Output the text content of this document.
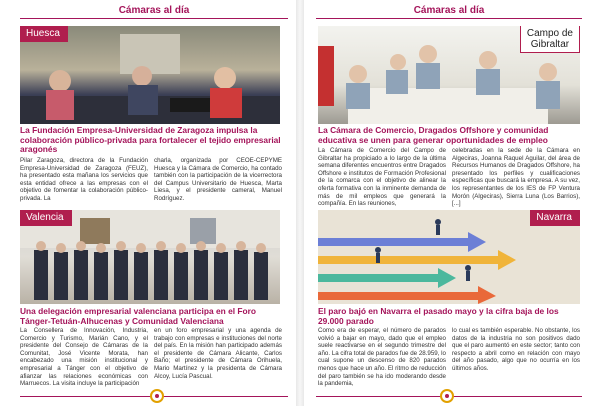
Cámaras al día	Cámaras al día
Huesca
La Fundación Empresa-Universidad de Zaragoza impulsa la colaboración público-privada para fortalecer el tejido empresarial aragonés
Pilar Zaragoza, directora de la Fundación Empresa-Universidad de Zaragoza (FEUZ), ha presentado esta mañana los servicios que esta entidad ofrece a las empresas con el objetivo de fomentar la colaboración público-privada. La
charla, organizada por CEOE-CEPYME Huesca y la Cámara de Comercio, ha contado también con la participación de la vicerrectora del Campus Universitario de Huesca, Marta Liesa, y el presidente cameral, Manuel Rodríguez.
Valencia
Una delegación empresarial valenciana participa en el Foro Tánger-Tetuán-Alhucenas y Comunidad Valenciana
La Consellera de Innovación, Industria, Comercio y Turismo, Marián Cano, y el presidente del Consejo de Cámaras de la Comunitat, José Vicente Morata, han encabezado una misión institucional y empresarial a Tánger con el objetivo de afianzar las relaciones económicas con Marruecos. La visita incluye la participación
en un foro empresarial y una agenda de trabajo con empresas e instituciones del norte del país. En la misión han participado además el presidente de Cámara Alicante, Carlos Baño; el presidente de Cámara Orihuela, Mario Martínez y la presidenta de Cámara Alcoy, Lucía Pascual.
Campo de
Gibraltar
La Cámara de Comercio, Dragados Offshore y comunidad educativa se unen para generar oportunidades de empleo
La Cámara de Comercio del Campo de Gibraltar ha propiciado a lo largo de la última semana diferentes encuentros entre Dragados Offshore e institutos de Formación Profesional de la comarca con el objetivo de alinear la oferta formativa con la inminente demanda de más de mil empleos que generará la compañía. En las reuniones,
celebradas en la sede de la Cámara en Algeciras, Joanna Raquel Aguilar, del área de Recursos Humanos de Dragados Offshore, ha presentado los perfiles y cualificaciones específicas que buscará la empresa. A su vez, los representantes de los IES de FP Ventura Morón (Algeciras), Sierra Luna (Los Barrios), [...]
Navarra
El paro bajó en Navarra el pasado mayo y la cifra baja de los 29.000 parado
Como era de esperar, el número de parados volvió a bajar en mayo, dado que el empleo suele reactivarse en el segundo trimestre del año. La cifra total de parados fue de 28.959, lo cual supone un descenso de 820 parados menos que hace un año. El ritmo de reducción del paro también se ha ido moderando desde la pandemia,
lo cual es también esperable. No obstante, los datos de la industria no son positivos dado que el paro aumentó en este sector; tanto con respecto a abril como en relación con mayo del año pasado, algo que no ocurría en los últimos años.
